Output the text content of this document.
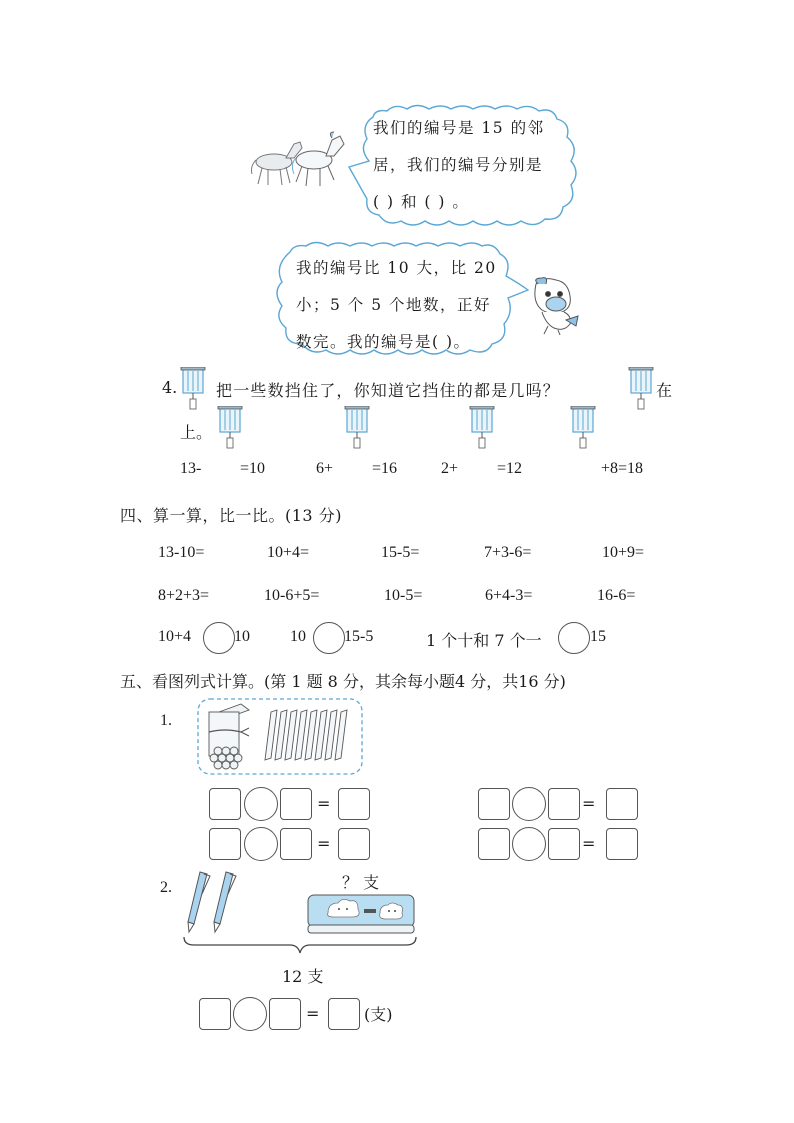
我们的编号是 15 的邻
居，我们的编号分别是
( ) 和 ( ) 。
我的编号比 10 大，比 20
小；5 个 5 个地数，正好
数完。我的编号是( )。
4. 把一些数挡住了，你知道它挡住的都是几吗？	在
上。
13- =10	6+ =16	2+ =12	+8=18
四、算一算，比一比。(13 分)
13-10=	10+4=	15-5=	7+3-6=	10+9=
8+2+3=	10-6+5=	10-5=	6+4-3=	16-6=
10+4	10	10 15-5	1 个十和 7 个一	15
五、看图列式计算。(第 1 题 8 分，其余每小题4 分，共16 分)
1.
=
=
=
=
2.	？ 支
12 支
=	(支)
